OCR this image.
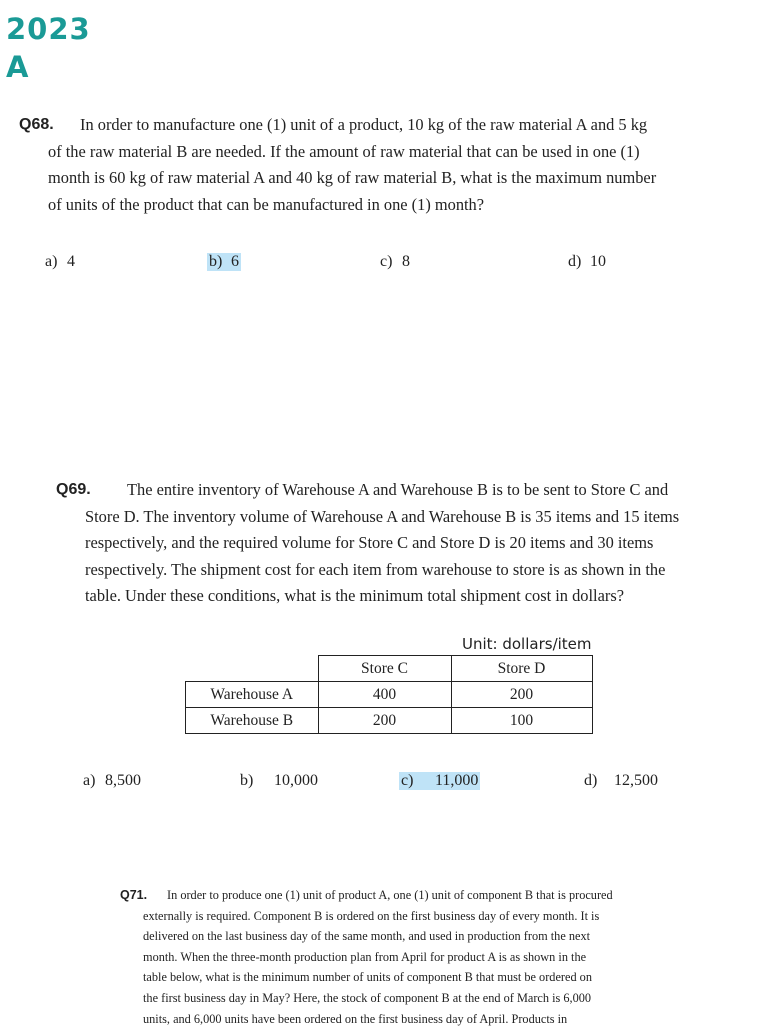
2023
A
Q68.	In order to manufacture one (1) unit of a product, 10 kg of the raw material A and 5 kg
of the raw material B are needed. If the amount of raw material that can be used in one (1)
month is 60 kg of raw material A and 40 kg of raw material B, what is the maximum number
of units of the product that can be manufactured in one (1) month?
a) 4	b) 6	c) 8	d) 10
Q69.	The entire inventory of Warehouse A and Warehouse B is to be sent to Store C and
Store D. The inventory volume of Warehouse A and Warehouse B is 35 items and 15 items
respectively, and the required volume for Store C and Store D is 20 items and 30 items
respectively. The shipment cost for each item from warehouse to store is as shown in the
table. Under these conditions, what is the minimum total shipment cost in dollars?
Unit: dollars/item
	Store C	Store D
Warehouse A	400	200
Warehouse B	200	100
a) 8,500	b) 10,000	c) 11,000	d) 12,500
Q71.	In order to produce one (1) unit of product A, one (1) unit of component B that is procured
externally is required. Component B is ordered on the first business day of every month. It is
delivered on the last business day of the same month, and used in production from the next
month. When the three-month production plan from April for product A is as shown in the
table below, what is the minimum number of units of component B that must be ordered on
the first business day in May? Here, the stock of component B at the end of March is 6,000
units, and 6,000 units have been ordered on the first business day of April. Products in
